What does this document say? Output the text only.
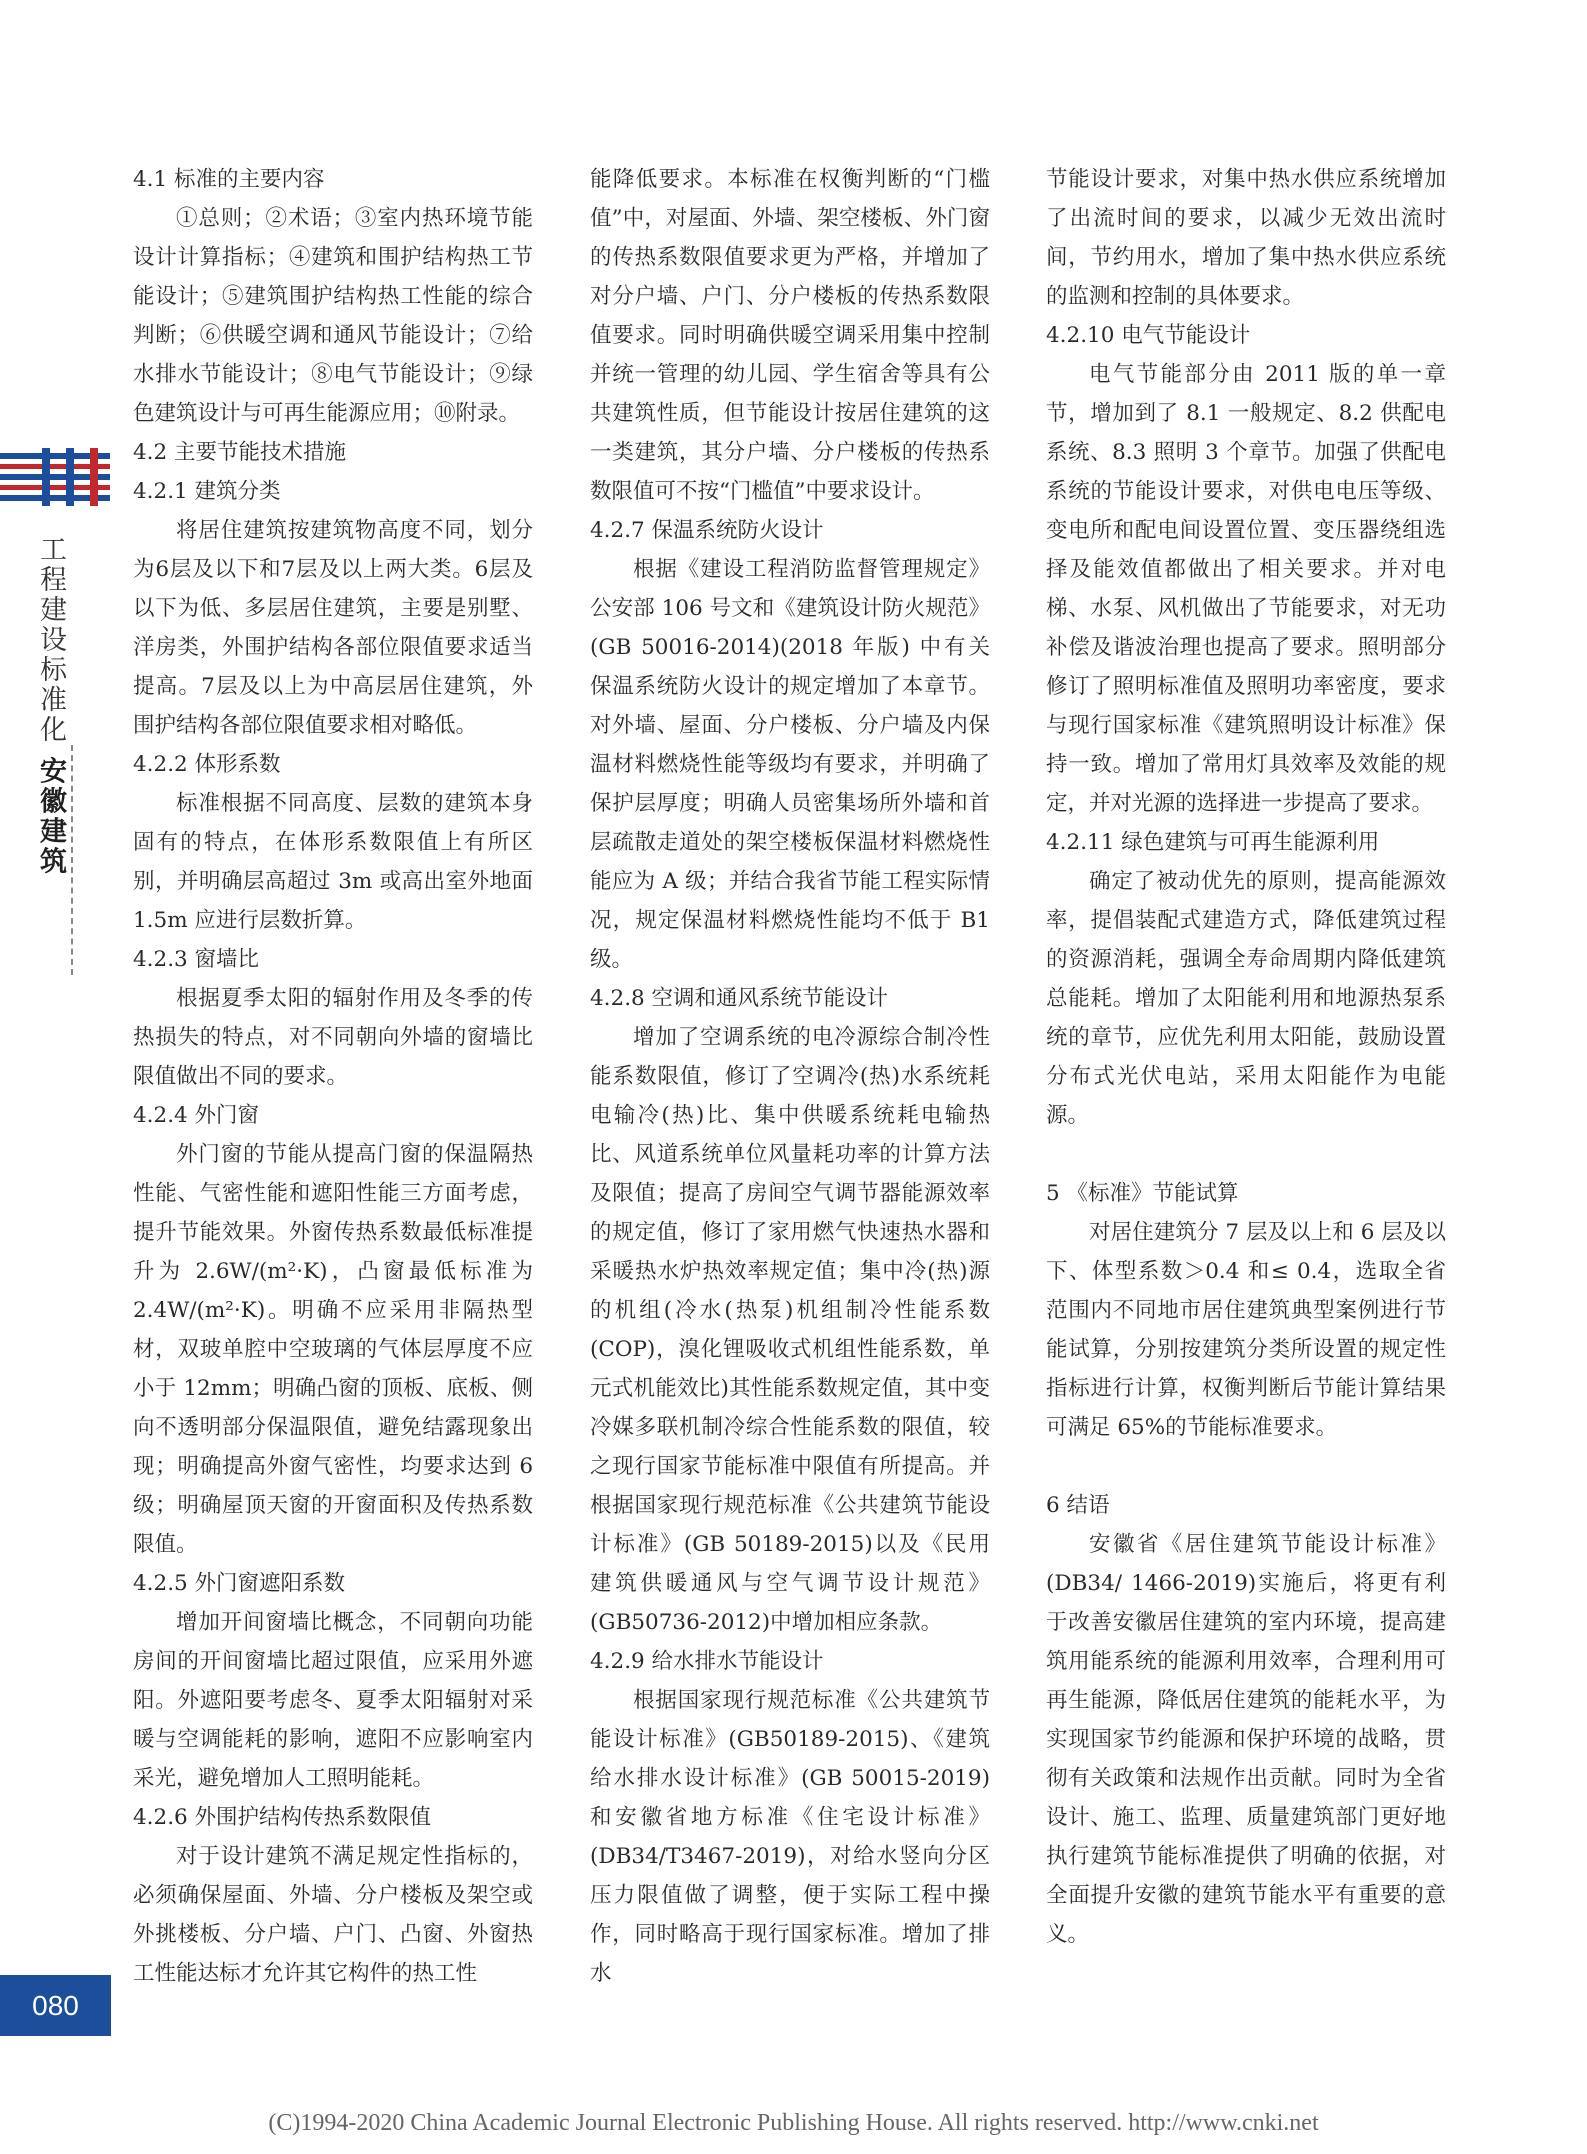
工程建设标准化 安徽建筑
080

4.1 标准的主要内容

①总则；②术语；③室内热环境节能设计计算指标；④建筑和围护结构热工节能设计；⑤建筑围护结构热工性能的综合判断；⑥供暖空调和通风节能设计；⑦给水排水节能设计；⑧电气节能设计；⑨绿色建筑设计与可再生能源应用；⑩附录。

4.2 主要节能技术措施

4.2.1 建筑分类

将居住建筑按建筑物高度不同，划分为6层及以下和7层及以上两大类。6层及以下为低、多层居住建筑，主要是别墅、洋房类，外围护结构各部位限值要求适当提高。7层及以上为中高层居住建筑，外围护结构各部位限值要求相对略低。

4.2.2 体形系数

标准根据不同高度、层数的建筑本身固有的特点，在体形系数限值上有所区别，并明确层高超过 3m 或高出室外地面 1.5m 应进行层数折算。

4.2.3 窗墙比

根据夏季太阳的辐射作用及冬季的传热损失的特点，对不同朝向外墙的窗墙比限值做出不同的要求。

4.2.4 外门窗

外门窗的节能从提高门窗的保温隔热性能、气密性能和遮阳性能三方面考虑，提升节能效果。外窗传热系数最低标准提升为 2.6W/(m²·K)，凸窗最低标准为 2.4W/(m²·K)。明确不应采用非隔热型材，双玻单腔中空玻璃的气体层厚度不应小于 12mm；明确凸窗的顶板、底板、侧向不透明部分保温限值，避免结露现象出现；明确提高外窗气密性，均要求达到 6 级；明确屋顶天窗的开窗面积及传热系数限值。

4.2.5 外门窗遮阳系数

增加开间窗墙比概念，不同朝向功能房间的开间窗墙比超过限值，应采用外遮阳。外遮阳要考虑冬、夏季太阳辐射对采暖与空调能耗的影响，遮阳不应影响室内采光，避免增加人工照明能耗。

4.2.6 外围护结构传热系数限值

对于设计建筑不满足规定性指标的，必须确保屋面、外墙、分户楼板及架空或外挑楼板、分户墙、户门、凸窗、外窗热工性能达标才允许其它构件的热工性

能降低要求。本标准在权衡判断的“门槛值”中，对屋面、外墙、架空楼板、外门窗的传热系数限值要求更为严格，并增加了对分户墙、户门、分户楼板的传热系数限值要求。同时明确供暖空调采用集中控制并统一管理的幼儿园、学生宿舍等具有公共建筑性质，但节能设计按居住建筑的这一类建筑，其分户墙、分户楼板的传热系数限值可不按“门槛值”中要求设计。

4.2.7 保温系统防火设计

根据《建设工程消防监督管理规定》公安部 106 号文和《建筑设计防火规范》(GB 50016-2014)(2018 年版) 中有关保温系统防火设计的规定增加了本章节。对外墙、屋面、分户楼板、分户墙及内保温材料燃烧性能等级均有要求，并明确了保护层厚度；明确人员密集场所外墙和首层疏散走道处的架空楼板保温材料燃烧性能应为 A 级；并结合我省节能工程实际情况，规定保温材料燃烧性能均不低于 B1 级。

4.2.8 空调和通风系统节能设计

增加了空调系统的电冷源综合制冷性能系数限值，修订了空调冷(热)水系统耗电输冷(热)比、集中供暖系统耗电输热比、风道系统单位风量耗功率的计算方法及限值；提高了房间空气调节器能源效率的规定值，修订了家用燃气快速热水器和采暖热水炉热效率规定值；集中冷(热)源的机组(冷水(热泵)机组制冷性能系数(COP)，溴化锂吸收式机组性能系数，单元式机能效比)其性能系数规定值，其中变冷媒多联机制冷综合性能系数的限值，较之现行国家节能标准中限值有所提高。并根据国家现行规范标准《公共建筑节能设计标准》(GB 50189-2015)以及《民用建筑供暖通风与空气调节设计规范》(GB50736-2012)中增加相应条款。

4.2.9 给水排水节能设计

根据国家现行规范标准《公共建筑节能设计标准》(GB50189-2015)、《建筑给水排水设计标准》(GB 50015-2019)和安徽省地方标准《住宅设计标准》(DB34/T3467-2019)，对给水竖向分区压力限值做了调整，便于实际工程中操作，同时略高于现行国家标准。增加了排水

节能设计要求，对集中热水供应系统增加了出流时间的要求，以减少无效出流时间，节约用水，增加了集中热水供应系统的监测和控制的具体要求。

4.2.10 电气节能设计

电气节能部分由 2011 版的单一章节，增加到了 8.1 一般规定、8.2 供配电系统、8.3 照明 3 个章节。加强了供配电系统的节能设计要求，对供电电压等级、变电所和配电间设置位置、变压器绕组选择及能效值都做出了相关要求。并对电梯、水泵、风机做出了节能要求，对无功补偿及谐波治理也提高了要求。照明部分修订了照明标准值及照明功率密度，要求与现行国家标准《建筑照明设计标准》保持一致。增加了常用灯具效率及效能的规定，并对光源的选择进一步提高了要求。

4.2.11 绿色建筑与可再生能源利用

确定了被动优先的原则，提高能源效率，提倡装配式建造方式，降低建筑过程的资源消耗，强调全寿命周期内降低建筑总能耗。增加了太阳能利用和地源热泵系统的章节，应优先利用太阳能，鼓励设置分布式光伏电站，采用太阳能作为电能源。

5 《标准》节能试算

对居住建筑分 7 层及以上和 6 层及以下、体型系数＞0.4 和≤ 0.4，选取全省范围内不同地市居住建筑典型案例进行节能试算，分别按建筑分类所设置的规定性指标进行计算，权衡判断后节能计算结果可满足 65%的节能标准要求。

6 结语

安徽省《居住建筑节能设计标准》(DB34/ 1466-2019)实施后，将更有利于改善安徽居住建筑的室内环境，提高建筑用能系统的能源利用效率，合理利用可再生能源，降低居住建筑的能耗水平，为实现国家节约能源和保护环境的战略，贯彻有关政策和法规作出贡献。同时为全省设计、施工、监理、质量建筑部门更好地执行建筑节能标准提供了明确的依据，对全面提升安徽的建筑节能水平有重要的意义。

(C)1994-2020 China Academic Journal Electronic Publishing House. All rights reserved. http://www.cnki.net
